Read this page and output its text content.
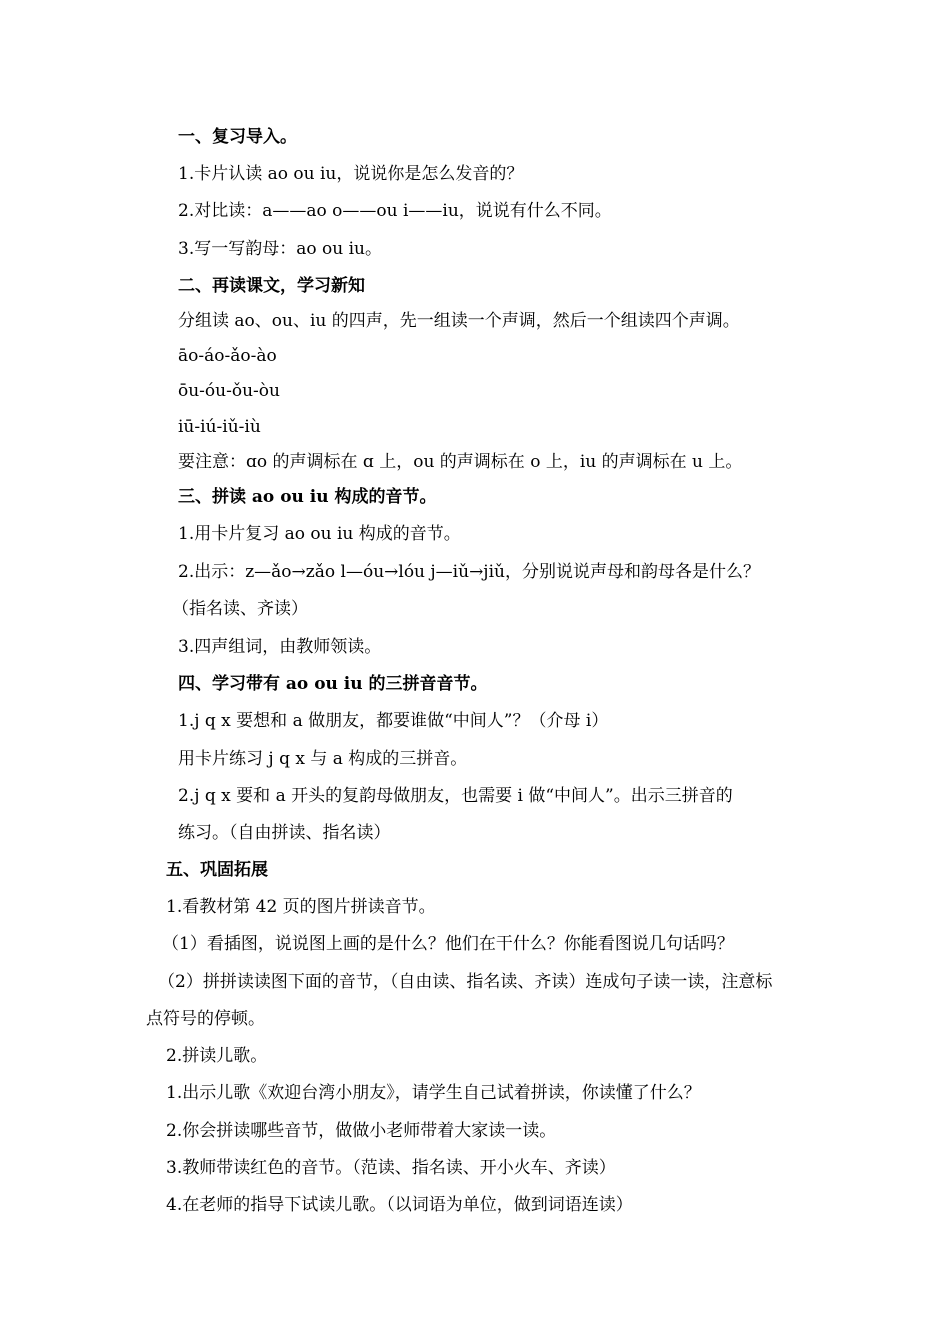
一、复习导入。

1.卡片认读 ao ou iu，说说你是怎么发音的？

2.对比读：a——ao o——ou i——iu，说说有什么不同。

3.写一写韵母：ao ou iu。

二、再读课文，学习新知

分组读 ao、ou、iu 的四声，先一组读一个声调，然后一个组读四个声调。

āo-áo-ǎo-ào

ōu-óu-ǒu-òu

iū-iú-iǔ-iù

要注意：ɑo 的声调标在 ɑ 上，ou 的声调标在 o 上，iu 的声调标在 u 上。

三、拼读 ao ou iu 构成的音节。

1.用卡片复习 ao ou iu 构成的音节。

2.出示：z—ǎo→zǎo l—óu→lóu j—iǔ→jiǔ，分别说说声母和韵母各是什么？

（指名读、齐读）

3.四声组词，由教师领读。

四、学习带有 ao ou iu 的三拼音音节。

1.j q x 要想和 a 做朋友，都要谁做“中间人”？（介母 i）

用卡片练习 j q x 与 a 构成的三拼音。

2.j q x 要和 a 开头的复韵母做朋友，也需要 i 做“中间人”。出示三拼音的

练习。（自由拼读、指名读）

五、巩固拓展

1.看教材第 42 页的图片拼读音节。

（1）看插图，说说图上画的是什么？他们在干什么？你能看图说几句话吗？

（2）拼拼读读图下面的音节，（自由读、指名读、齐读）连成句子读一读，注意标

点符号的停顿。

2.拼读儿歌。

1.出示儿歌《欢迎台湾小朋友》，请学生自己试着拼读，你读懂了什么？

2.你会拼读哪些音节，做做小老师带着大家读一读。

3.教师带读红色的音节。（范读、指名读、开小火车、齐读）

4.在老师的指导下试读儿歌。（以词语为单位，做到词语连读）
